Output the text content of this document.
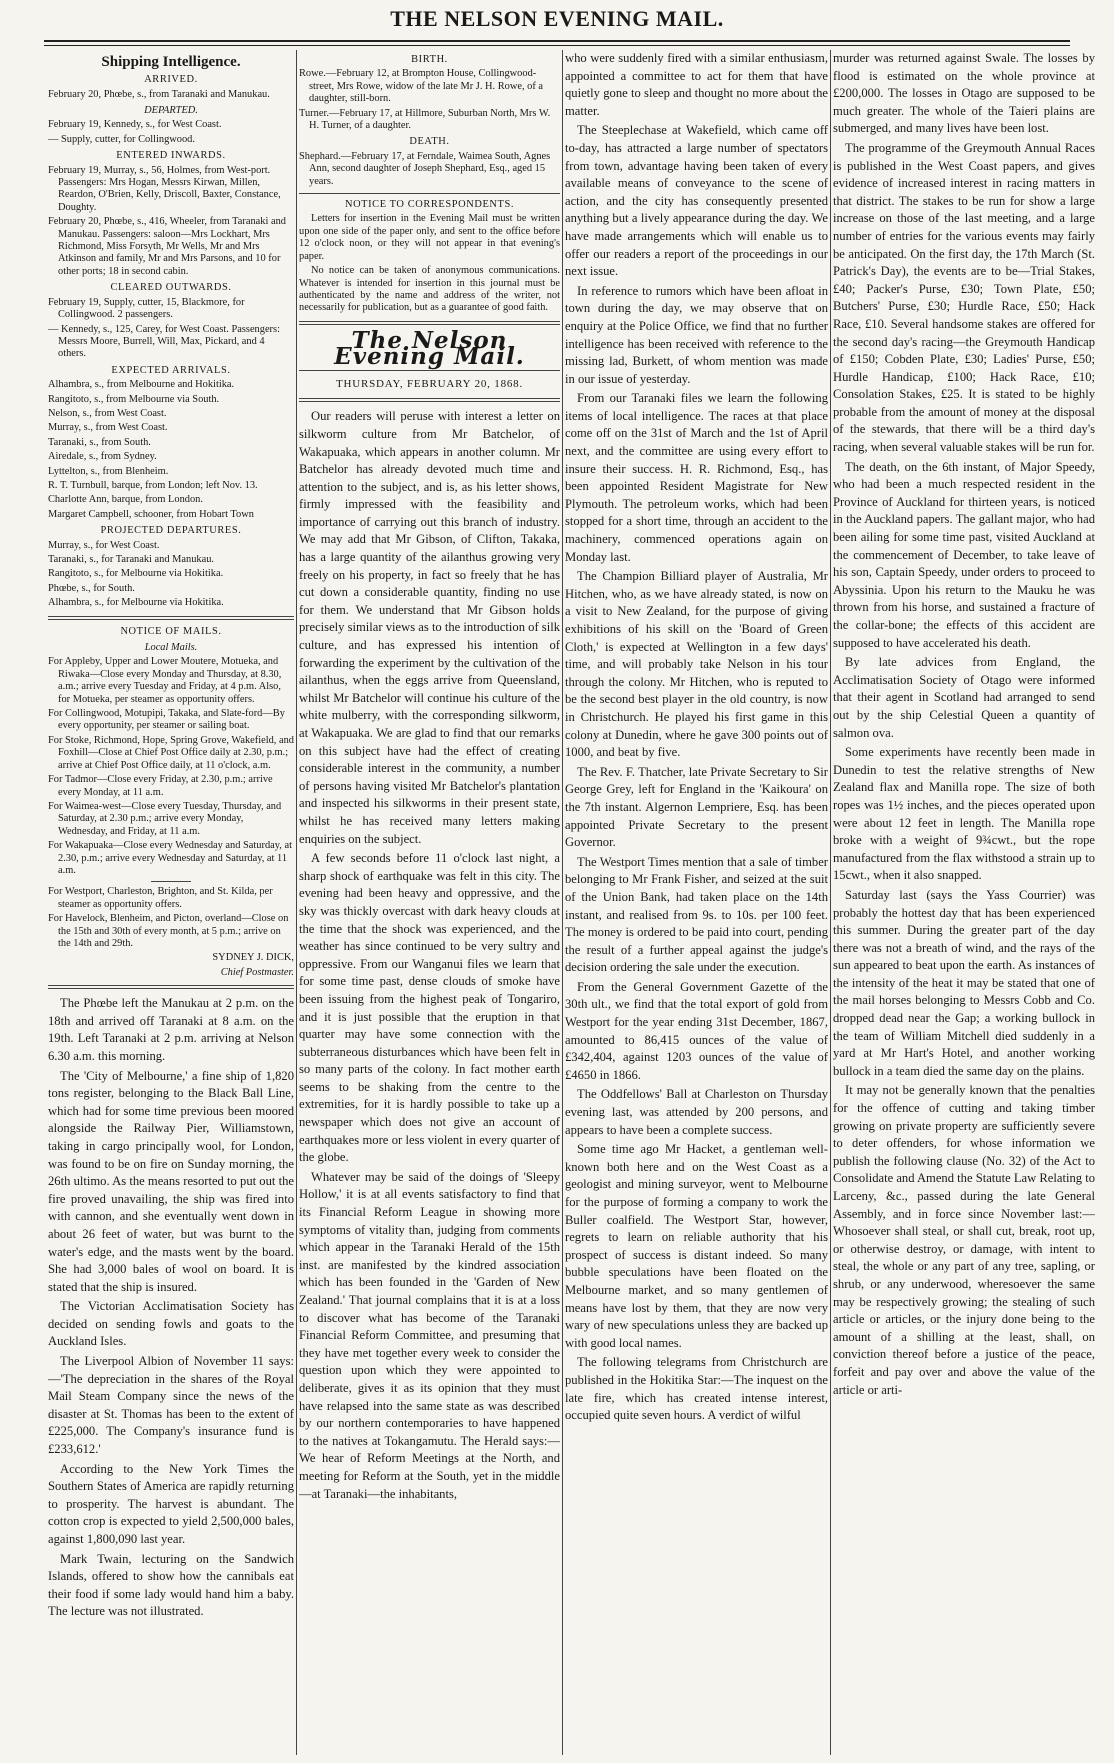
THE NELSON EVENING MAIL.
Shipping Intelligence.
ARRIVED.

February 20, Phœbe, s., from Taranaki and Manukau.

DEPARTED.

February 19, Kennedy, s., for West Coast.

— Supply, cutter, for Collingwood.

ENTERED INWARDS.

February 19, Murray, s., 56, Holmes, from West-port. Passengers: Mrs Hogan, Messrs Kirwan, Millen, Reardon, O'Brien, Kelly, Driscoll, Baxter, Constance, Doughty.

February 20, Phœbe, s., 416, Wheeler, from Taranaki and Manukau. Passengers: saloon—Mrs Lockhart, Mrs Richmond, Miss Forsyth, Mr Wells, Mr and Mrs Atkinson and family, Mr and Mrs Parsons, and 10 for other ports; 18 in second cabin.

CLEARED OUTWARDS.

February 19, Supply, cutter, 15, Blackmore, for Collingwood. 2 passengers.

— Kennedy, s., 125, Carey, for West Coast. Passengers: Messrs Moore, Burrell, Will, Max, Pickard, and 4 others.

EXPECTED ARRIVALS.

Alhambra, s., from Melbourne and Hokitika.

Rangitoto, s., from Melbourne via South.

Nelson, s., from West Coast.

Murray, s., from West Coast.

Taranaki, s., from South.

Airedale, s., from Sydney.

Lyttelton, s., from Blenheim.

R. T. Turnbull, barque, from London; left Nov. 13.

Charlotte Ann, barque, from London.

Margaret Campbell, schooner, from Hobart Town

PROJECTED DEPARTURES.

Murray, s., for West Coast.

Taranaki, s., for Taranaki and Manukau.

Rangitoto, s., for Melbourne via Hokitika.

Phœbe, s., for South.

Alhambra, s., for Melbourne via Hokitika.

NOTICE OF MAILS.
Local Mails.

For Appleby, Upper and Lower Moutere, Motueka, and Riwaka—Close every Monday and Thursday, at 8.30, a.m.; arrive every Tuesday and Friday, at 4 p.m. Also, for Motueka, per steamer as opportunity offers.

For Collingwood, Motupipi, Takaka, and Slate-ford—By every opportunity, per steamer or sailing boat.

For Stoke, Richmond, Hope, Spring Grove, Wakefield, and Foxhill—Close at Chief Post Office daily at 2.30, p.m.; arrive at Chief Post Office daily, at 11 o'clock, a.m.

For Tadmor—Close every Friday, at 2.30, p.m.; arrive every Monday, at 11 a.m.

For Waimea-west—Close every Tuesday, Thursday, and Saturday, at 2.30 p.m.; arrive every Monday, Wednesday, and Friday, at 11 a.m.

For Wakapuaka—Close every Wednesday and Saturday, at 2.30, p.m.; arrive every Wednesday and Saturday, at 11 a.m.

For Westport, Charleston, Brighton, and St. Kilda, per steamer as opportunity offers.

For Havelock, Blenheim, and Picton, overland—Close on the 15th and 30th of every month, at 5 p.m.; arrive on the 14th and 29th.

SYDNEY J. DICK,

Chief Postmaster.

The Phœbe left the Manukau at 2 p.m. on the 18th and arrived off Taranaki at 8 a.m. on the 19th. Left Taranaki at 2 p.m. arriving at Nelson 6.30 a.m. this morning.

The 'City of Melbourne,' a fine ship of 1,820 tons register, belonging to the Black Ball Line, which had for some time previous been moored alongside the Railway Pier, Williamstown, taking in cargo principally wool, for London, was found to be on fire on Sunday morning, the 26th ultimo. As the means resorted to put out the fire proved unavailing, the ship was fired into with cannon, and she eventually went down in about 26 feet of water, but was burnt to the water's edge, and the masts went by the board. She had 3,000 bales of wool on board. It is stated that the ship is insured.

The Victorian Acclimatisation Society has decided on sending fowls and goats to the Auckland Isles.

The Liverpool Albion of November 11 says:—'The depreciation in the shares of the Royal Mail Steam Company since the news of the disaster at St. Thomas has been to the extent of £225,000. The Company's insurance fund is £233,612.'

According to the New York Times the Southern States of America are rapidly returning to prosperity. The harvest is abundant. The cotton crop is expected to yield 2,500,000 bales, against 1,800,090 last year.

Mark Twain, lecturing on the Sandwich Islands, offered to show how the cannibals eat their food if some lady would hand him a baby. The lecture was not illustrated.

BIRTH.

Rowe.—February 12, at Brompton House, Collingwood-street, Mrs Rowe, widow of the late Mr J. H. Rowe, of a daughter, still-born.

Turner.—February 17, at Hillmore, Suburban North, Mrs W. H. Turner, of a daughter.

DEATH.

Shephard.—February 17, at Ferndale, Waimea South, Agnes Ann, second daughter of Joseph Shephard, Esq., aged 15 years.

NOTICE TO CORRESPONDENTS.

Letters for insertion in the Evening Mail must be written upon one side of the paper only, and sent to the office before 12 o'clock noon, or they will not appear in that evening's paper.

No notice can be taken of anonymous communications. Whatever is intended for insertion in this journal must be authenticated by the name and address of the writer, not necessarily for publication, but as a guarantee of good faith.

The Nelson Evening Mail.
THURSDAY, FEBRUARY 20, 1868.

Our readers will peruse with interest a letter on silkworm culture from Mr Batchelor, of Wakapuaka, which appears in another column. Mr Batchelor has already devoted much time and attention to the subject, and is, as his letter shows, firmly impressed with the feasibility and importance of carrying out this branch of industry. We may add that Mr Gibson, of Clifton, Takaka, has a large quantity of the ailanthus growing very freely on his property, in fact so freely that he has cut down a considerable quantity, finding no use for them. We understand that Mr Gibson holds precisely similar views as to the introduction of silk culture, and has expressed his intention of forwarding the experiment by the cultivation of the ailanthus, when the eggs arrive from Queensland, whilst Mr Batchelor will continue his culture of the white mulberry, with the corresponding silkworm, at Wakapuaka. We are glad to find that our remarks on this subject have had the effect of creating considerable interest in the community, a number of persons having visited Mr Batchelor's plantation and inspected his silkworms in their present state, whilst he has received many letters making enquiries on the subject.

A few seconds before 11 o'clock last night, a sharp shock of earthquake was felt in this city. The evening had been heavy and oppressive, and the sky was thickly overcast with dark heavy clouds at the time that the shock was experienced, and the weather has since continued to be very sultry and oppressive. From our Wanganui files we learn that for some time past, dense clouds of smoke have been issuing from the highest peak of Tongariro, and it is just possible that the eruption in that quarter may have some connection with the subterraneous disturbances which have been felt in so many parts of the colony. In fact mother earth seems to be shaking from the centre to the extremities, for it is hardly possible to take up a newspaper which does not give an account of earthquakes more or less violent in every quarter of the globe.

Whatever may be said of the doings of 'Sleepy Hollow,' it is at all events satisfactory to find that its Financial Reform League in showing more symptoms of vitality than, judging from comments which appear in the Taranaki Herald of the 15th inst. are manifested by the kindred association which has been founded in the 'Garden of New Zealand.' That journal complains that it is at a loss to discover what has become of the Taranaki Financial Reform Committee, and presuming that they have met together every week to consider the question upon which they were appointed to deliberate, gives it as its opinion that they must have relapsed into the same state as was described by our northern contemporaries to have happened to the natives at Tokangamutu. The Herald says:—We hear of Reform Meetings at the North, and meeting for Reform at the South, yet in the middle—at Taranaki—the inhabitants,

who were suddenly fired with a similar enthusiasm, appointed a committee to act for them that have quietly gone to sleep and thought no more about the matter.

The Steeplechase at Wakefield, which came off to-day, has attracted a large number of spectators from town, advantage having been taken of every available means of conveyance to the scene of action, and the city has consequently presented anything but a lively appearance during the day. We have made arrangements which will enable us to offer our readers a report of the proceedings in our next issue.

In reference to rumors which have been afloat in town during the day, we may observe that on enquiry at the Police Office, we find that no further intelligence has been received with reference to the missing lad, Burkett, of whom mention was made in our issue of yesterday.

From our Taranaki files we learn the following items of local intelligence. The races at that place come off on the 31st of March and the 1st of April next, and the committee are using every effort to insure their success. H. R. Richmond, Esq., has been appointed Resident Magistrate for New Plymouth. The petroleum works, which had been stopped for a short time, through an accident to the machinery, commenced operations again on Monday last.

The Champion Billiard player of Australia, Mr Hitchen, who, as we have already stated, is now on a visit to New Zealand, for the purpose of giving exhibitions of his skill on the 'Board of Green Cloth,' is expected at Wellington in a few days' time, and will probably take Nelson in his tour through the colony. Mr Hitchen, who is reputed to be the second best player in the old country, is now in Christchurch. He played his first game in this colony at Dunedin, where he gave 300 points out of 1000, and beat by five.

The Rev. F. Thatcher, late Private Secretary to Sir George Grey, left for England in the 'Kaikoura' on the 7th instant. Algernon Lempriere, Esq. has been appointed Private Secretary to the present Governor.

The Westport Times mention that a sale of timber belonging to Mr Frank Fisher, and seized at the suit of the Union Bank, had taken place on the 14th instant, and realised from 9s. to 10s. per 100 feet. The money is ordered to be paid into court, pending the result of a further appeal against the judge's decision ordering the sale under the execution.

From the General Government Gazette of the 30th ult., we find that the total export of gold from Westport for the year ending 31st December, 1867, amounted to 86,415 ounces of the value of £342,404, against 1203 ounces of the value of £4650 in 1866.

The Oddfellows' Ball at Charleston on Thursday evening last, was attended by 200 persons, and appears to have been a complete success.

Some time ago Mr Hacket, a gentleman well-known both here and on the West Coast as a geologist and mining surveyor, went to Melbourne for the purpose of forming a company to work the Buller coalfield. The Westport Star, however, regrets to learn on reliable authority that his prospect of success is distant indeed. So many bubble speculations have been floated on the Melbourne market, and so many gentlemen of means have lost by them, that they are now very wary of new speculations unless they are backed up with good local names.

The following telegrams from Christchurch are published in the Hokitika Star:—The inquest on the late fire, which has created intense interest, occupied quite seven hours. A verdict of wilful

murder was returned against Swale. The losses by flood is estimated on the whole province at £200,000. The losses in Otago are supposed to be much greater. The whole of the Taieri plains are submerged, and many lives have been lost.

The programme of the Greymouth Annual Races is published in the West Coast papers, and gives evidence of increased interest in racing matters in that district. The stakes to be run for show a large increase on those of the last meeting, and a large number of entries for the various events may fairly be anticipated. On the first day, the 17th March (St. Patrick's Day), the events are to be—Trial Stakes, £40; Packer's Purse, £30; Town Plate, £50; Butchers' Purse, £30; Hurdle Race, £50; Hack Race, £10. Several handsome stakes are offered for the second day's racing—the Greymouth Handicap of £150; Cobden Plate, £30; Ladies' Purse, £50; Hurdle Handicap, £100; Hack Race, £10; Consolation Stakes, £25. It is stated to be highly probable from the amount of money at the disposal of the stewards, that there will be a third day's racing, when several valuable stakes will be run for.

The death, on the 6th instant, of Major Speedy, who had been a much respected resident in the Province of Auckland for thirteen years, is noticed in the Auckland papers. The gallant major, who had been ailing for some time past, visited Auckland at the commencement of December, to take leave of his son, Captain Speedy, under orders to proceed to Abyssinia. Upon his return to the Mauku he was thrown from his horse, and sustained a fracture of the collar-bone; the effects of this accident are supposed to have accelerated his death.

By late advices from England, the Acclimatisation Society of Otago were informed that their agent in Scotland had arranged to send out by the ship Celestial Queen a quantity of salmon ova.

Some experiments have recently been made in Dunedin to test the relative strengths of New Zealand flax and Manilla rope. The size of both ropes was 1½ inches, and the pieces operated upon were about 12 feet in length. The Manilla rope broke with a weight of 9¾cwt., but the rope manufactured from the flax withstood a strain up to 15cwt., when it also snapped.

Saturday last (says the Yass Courrier) was probably the hottest day that has been experienced this summer. During the greater part of the day there was not a breath of wind, and the rays of the sun appeared to beat upon the earth. As instances of the intensity of the heat it may be stated that one of the mail horses belonging to Messrs Cobb and Co. dropped dead near the Gap; a working bullock in the team of William Mitchell died suddenly in a yard at Mr Hart's Hotel, and another working bullock in a team died the same day on the plains.

It may not be generally known that the penalties for the offence of cutting and taking timber growing on private property are sufficiently severe to deter offenders, for whose information we publish the following clause (No. 32) of the Act to Consolidate and Amend the Statute Law Relating to Larceny, &c., passed during the late General Assembly, and in force since November last:—Whosoever shall steal, or shall cut, break, root up, or otherwise destroy, or damage, with intent to steal, the whole or any part of any tree, sapling, or shrub, or any underwood, wheresoever the same may be respectively growing; the stealing of such article or articles, or the injury done being to the amount of a shilling at the least, shall, on conviction thereof before a justice of the peace, forfeit and pay over and above the value of the article or arti-
